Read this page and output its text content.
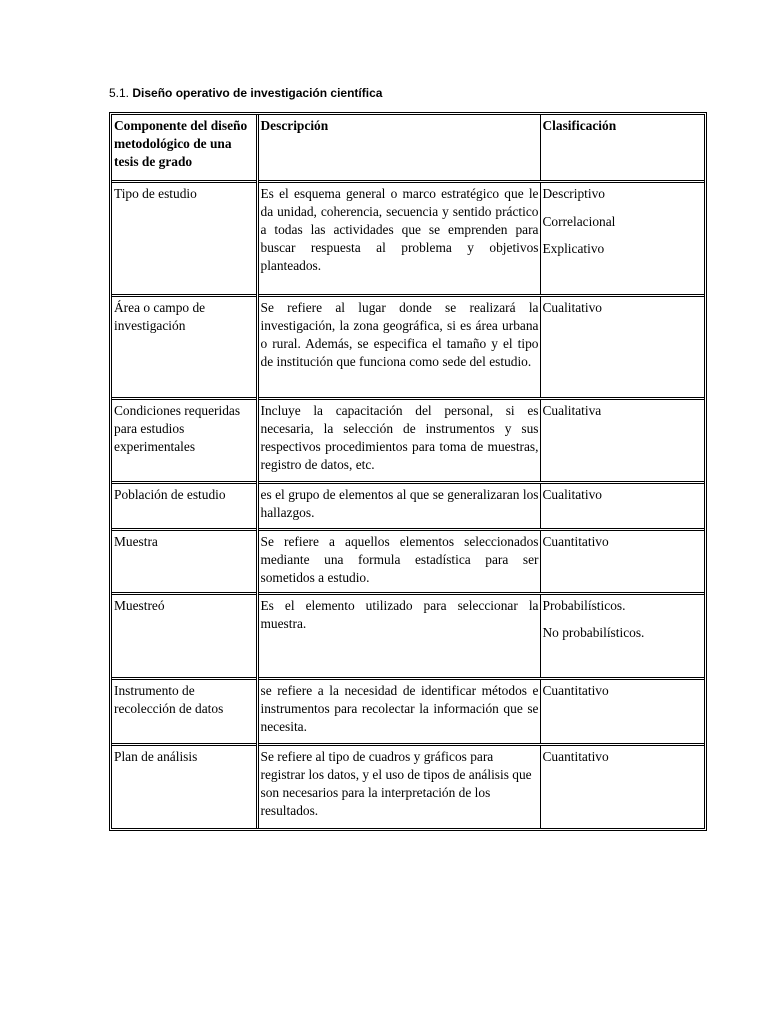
5.1. Diseño operativo de investigación científica
Componente del diseño metodológico de una tesis de grado	Descripción	Clasificación
Tipo de estudio	Es el esquema general o marco estratégico que le da unidad, coherencia, secuencia y sentido práctico a todas las actividades que se emprenden para buscar respuesta al problema y objetivos planteados.	Descriptivo
Correlacional
Explicativo

Área o campo de investigación	Se refiere al lugar donde se realizará la investigación, la zona geográfica, si es área urbana o rural. Además, se especifica el tamaño y el tipo de institución que funciona como sede del estudio.	Cualitativo

Condiciones requeridas para estudios experimentales	Incluye la capacitación del personal, si es necesaria, la selección de instrumentos y sus respectivos procedimientos para toma de muestras, registro de datos, etc.	Cualitativa

Población de estudio	es el grupo de elementos al que se generalizaran los hallazgos.	Cualitativo

Muestra	Se refiere a aquellos elementos seleccionados mediante una formula estadística para ser sometidos a estudio.	Cuantitativo

Muestreó	Es el elemento utilizado para seleccionar la muestra.	Probabilísticos.
No probabilísticos.

Instrumento de recolección de datos	se refiere a la necesidad de identificar métodos e instrumentos para recolectar la información que se necesita.	Cuantitativo

Plan de análisis	Se refiere al tipo de cuadros y gráficos para registrar los datos, y el uso de tipos de análisis que son necesarios para la interpretación de los resultados.	Cuantitativo
